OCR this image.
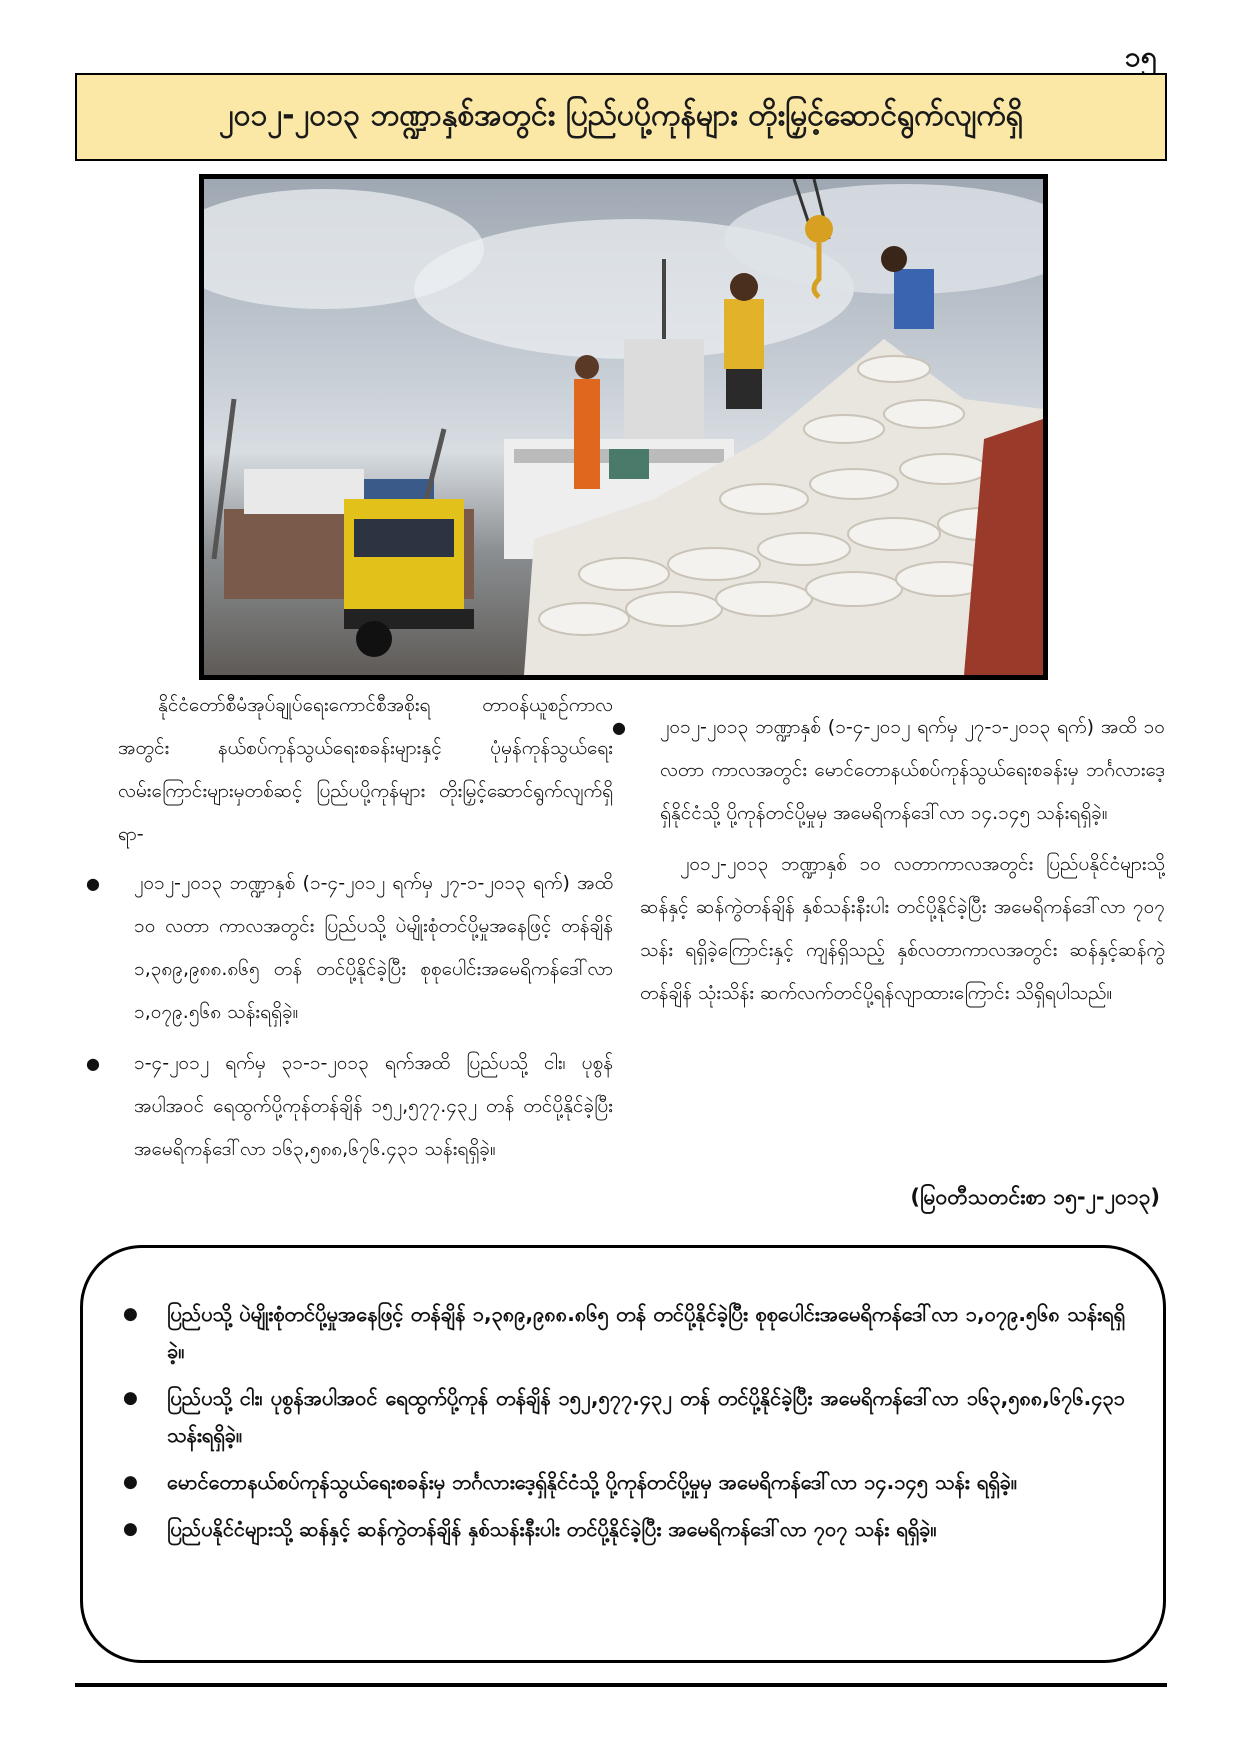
၁၅
၂၀၁၂-၂၀၁၃ ဘဏ္ဍာနှစ်အတွင်း ပြည်ပပို့ကုန်များ တိုးမြှင့်ဆောင်ရွက်လျက်ရှိ

နိုင်ငံတော်စီမံအုပ်ချုပ်ရေးကောင်စီအစိုးရ တာဝန်ယူစဉ်ကာလအတွင်း နယ်စပ်ကုန်သွယ်ရေးစခန်းများနှင့် ပုံမှန်ကုန်သွယ်ရေးလမ်းကြောင်းများမှတစ်ဆင့် ပြည်ပပို့ကုန်များ တိုးမြှင့်ဆောင်ရွက်လျက်ရှိရာ-

● ၂၀၁၂-၂၀၁၃ ဘဏ္ဍာနှစ် (၁-၄-၂၀၁၂ ရက်မှ ၂၇-၁-၂၀၁၃ ရက်) အထိ ၁၀ လတာ ကာလအတွင်း ပြည်ပသို့ ပဲမျိုးစုံတင်ပို့မှုအနေဖြင့် တန်ချိန် ၁,၃၈၉,၉၈၈.၈၆၅ တန် တင်ပို့နိုင်ခဲ့ပြီး စုစုပေါင်းအမေရိကန်ဒေါ်လာ ၁,၀၇၉.၅၆၈ သန်းရရှိခဲ့။
● ၁-၄-၂၀၁၂ ရက်မှ ၃၁-၁-၂၀၁၃ ရက်အထိ ပြည်ပသို့ ငါး၊ ပုစွန်အပါအဝင် ရေထွက်ပို့ကုန်တန်ချိန် ၁၅၂,၅၇၇.၄၃၂ တန် တင်ပို့နိုင်ခဲ့ပြီး အမေရိကန်ဒေါ်လာ ၁၆၃,၅၈၈,၆၇၆.၄၃၁ သန်းရရှိခဲ့။
● ၂၀၁၂-၂၀၁၃ ဘဏ္ဍာနှစ် (၁-၄-၂၀၁၂ ရက်မှ ၂၇-၁-၂၀၁၃ ရက်) အထိ ၁၀ လတာ ကာလအတွင်း မောင်တောနယ်စပ်ကုန်သွယ်ရေးစခန်းမှ ဘင်္ဂလားဒေ့ရှ်နိုင်ငံသို့ ပို့ကုန်တင်ပို့မှုမှ အမေရိကန်ဒေါ်လာ ၁၄.၁၄၅ သန်းရရှိခဲ့။

၂၀၁၂-၂၀၁၃ ဘဏ္ဍာနှစ် ၁၀ လတာကာလအတွင်း ပြည်ပနိုင်ငံများသို့ ဆန်နှင့် ဆန်ကွဲတန်ချိန် နှစ်သန်းနီးပါး တင်ပို့နိုင်ခဲ့ပြီး အမေရိကန်ဒေါ်လာ ၇၀၇ သန်း ရရှိခဲ့ကြောင်းနှင့် ကျန်ရှိသည့် နှစ်လတာကာလအတွင်း ဆန်နှင့်ဆန်ကွဲတန်ချိန် သုံးသိန်း ဆက်လက်တင်ပို့ရန်လျာထားကြောင်း သိရှိရပါသည်။

(မြဝတီသတင်းစာ ၁၅-၂-၂၀၁၃)
● ပြည်ပသို့ ပဲမျိုးစုံတင်ပို့မှုအနေဖြင့် တန်ချိန် ၁,၃၈၉,၉၈၈.၈၆၅ တန် တင်ပို့နိုင်ခဲ့ပြီး စုစုပေါင်းအမေရိကန်ဒေါ်လာ ၁,၀၇၉.၅၆၈ သန်းရရှိခဲ့။
● ပြည်ပသို့ ငါး၊ ပုစွန်အပါအဝင် ရေထွက်ပို့ကုန် တန်ချိန် ၁၅၂,၅၇၇.၄၃၂ တန် တင်ပို့နိုင်ခဲ့ပြီး အမေရိကန်ဒေါ်လာ ၁၆၃,၅၈၈,၆၇၆.၄၃၁ သန်းရရှိခဲ့။
● မောင်တောနယ်စပ်ကုန်သွယ်ရေးစခန်းမှ ဘင်္ဂလားဒေ့ရှ်နိုင်ငံသို့ ပို့ကုန်တင်ပို့မှုမှ အမေရိကန်ဒေါ်လာ ၁၄.၁၄၅ သန်း ရရှိခဲ့။
● ပြည်ပနိုင်ငံများသို့ ဆန်နှင့် ဆန်ကွဲတန်ချိန် နှစ်သန်းနီးပါး တင်ပို့နိုင်ခဲ့ပြီး အမေရိကန်ဒေါ်လာ ၇၀၇ သန်း ရရှိခဲ့။
